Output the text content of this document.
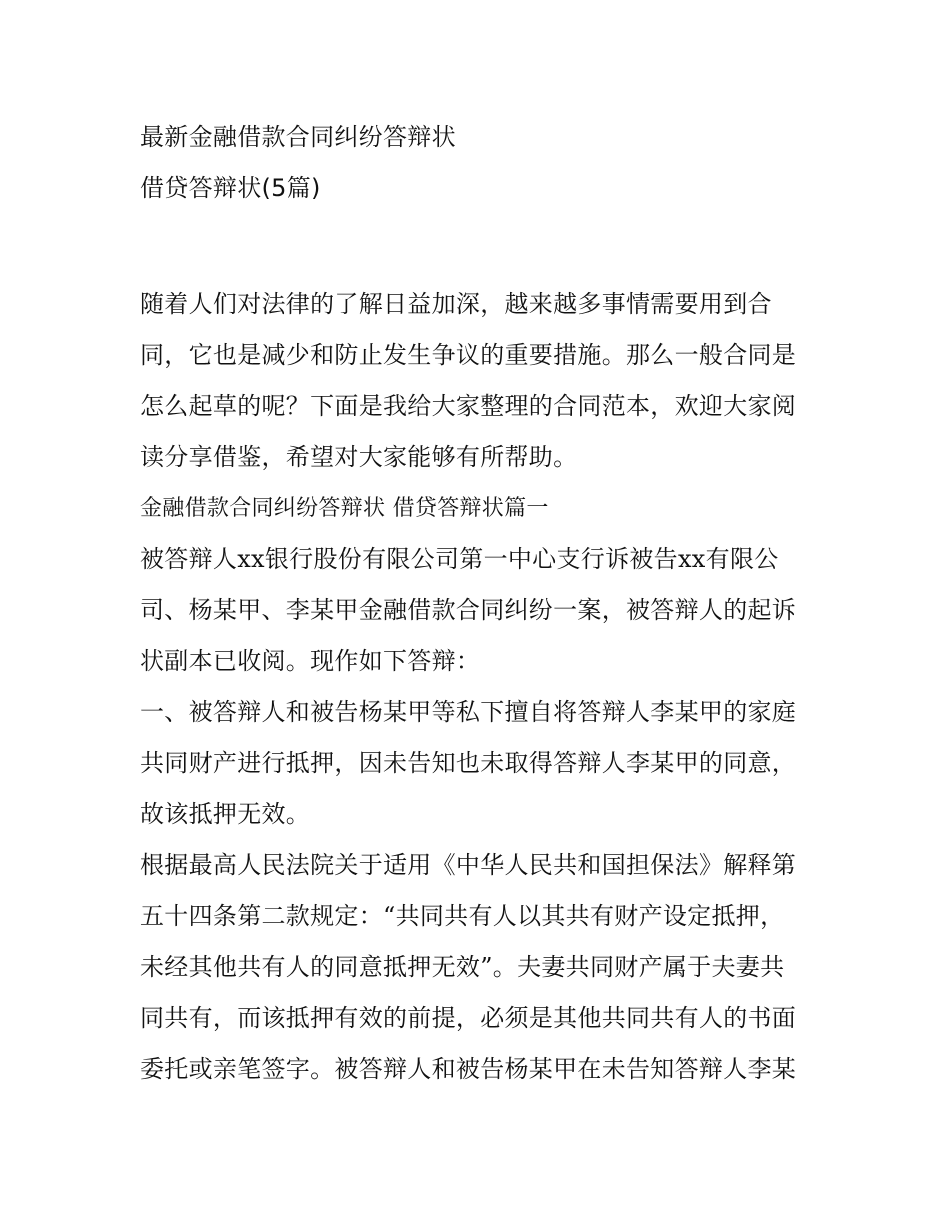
最新金融借款合同纠纷答辩状
借贷答辩状(5篇)
随着人们对法律的了解日益加深，越来越多事情需要用到合
同，它也是减少和防止发生争议的重要措施。那么一般合同是
怎么起草的呢？下面是我给大家整理的合同范本，欢迎大家阅
读分享借鉴，希望对大家能够有所帮助。
金融借款合同纠纷答辩状 借贷答辩状篇一
被答辩人xx银行股份有限公司第一中心支行诉被告xx有限公
司、杨某甲、李某甲金融借款合同纠纷一案，被答辩人的起诉
状副本已收阅。现作如下答辩：
一、被答辩人和被告杨某甲等私下擅自将答辩人李某甲的家庭
共同财产进行抵押，因未告知也未取得答辩人李某甲的同意，
故该抵押无效。
根据最高人民法院关于适用《中华人民共和国担保法》解释第
五十四条第二款规定：“共同共有人以其共有财产设定抵押，
未经其他共有人的同意抵押无效”。夫妻共同财产属于夫妻共
同共有，而该抵押有效的前提，必须是其他共同共有人的书面
委托或亲笔签字。被答辩人和被告杨某甲在未告知答辩人李某
